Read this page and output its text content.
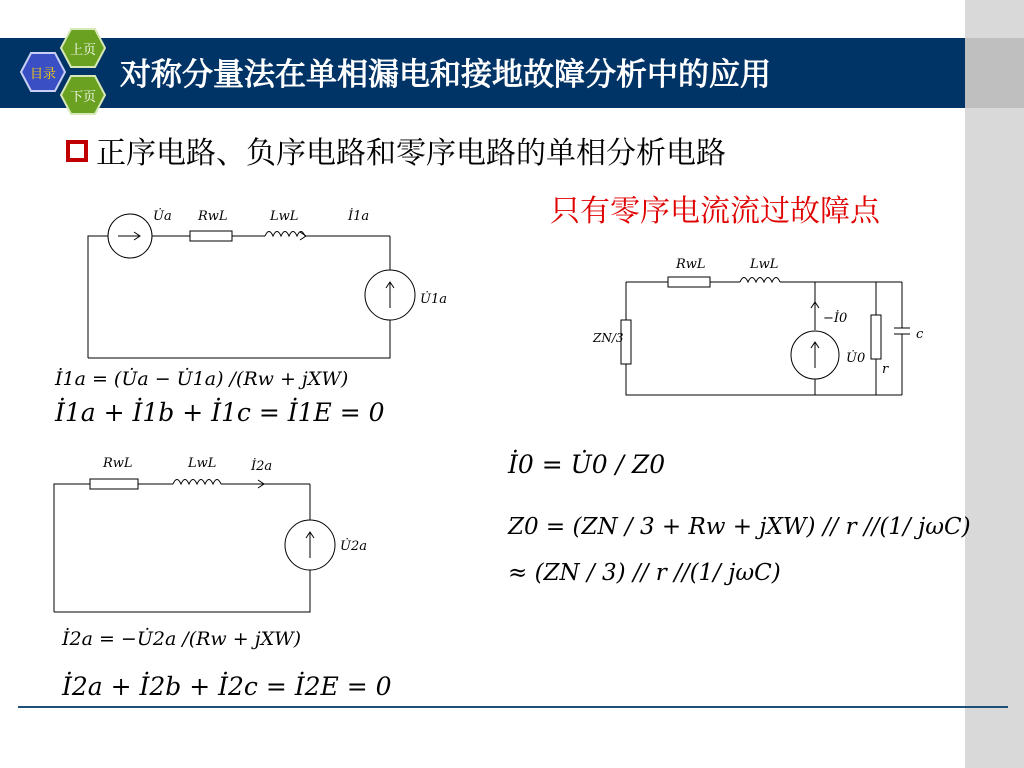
对称分量法在单相漏电和接地故障分析中的应用
上页
目录
下页
正序电路、负序电路和零序电路的单相分析电路
只有零序电流流过故障点
U̇a RwL	LwL	İ1a
U̇1a
İ1a = (U̇a − U̇1a) /(Rw + jXW)
İ1a + İ1b + İ1c = İ1E = 0
RwL	LwL	İ2a
U̇2a
İ2a = −U̇2a /(Rw + jXW)
İ2a + İ2b + İ2c = İ2E = 0
RwL	LwL
ZN/3
−İ0
U̇0
c
r
İ0 = U̇0 / Z0
Z0 = (ZN / 3 + Rw + jXW) // r //(1/ jωC)
≈ (ZN / 3) // r //(1/ jωC)
